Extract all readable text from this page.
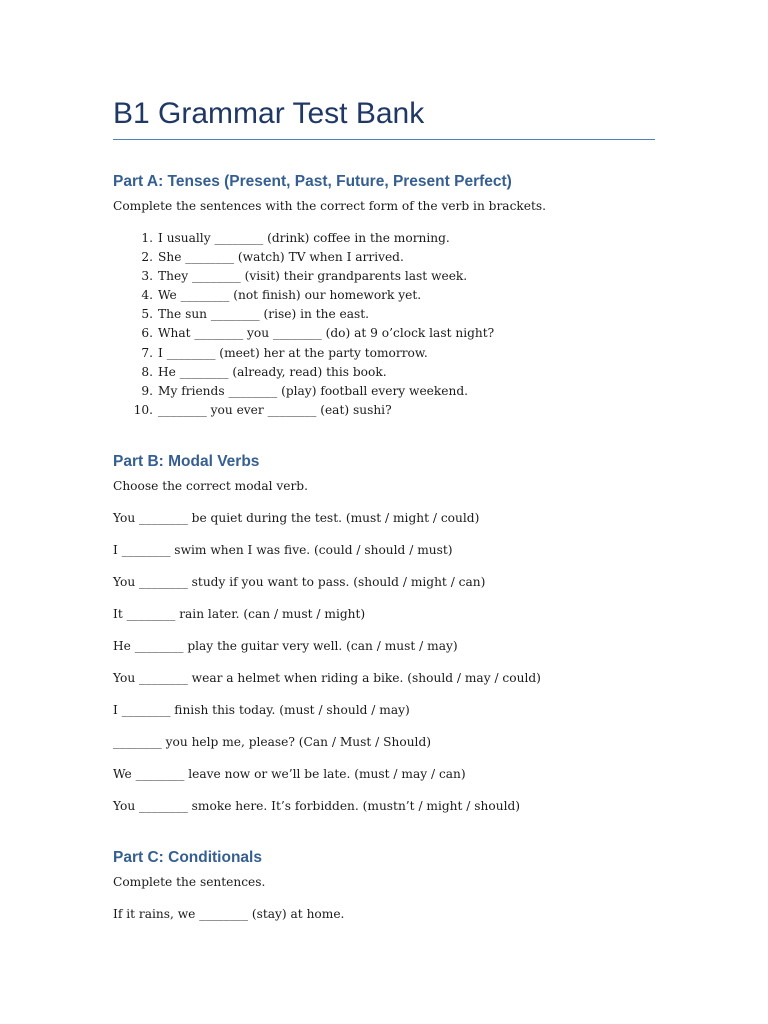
B1 Grammar Test Bank
Part A: Tenses (Present, Past, Future, Present Perfect)

Complete the sentences with the correct form of the verb in brackets.

1. I usually ________ (drink) coffee in the morning.
2. She ________ (watch) TV when I arrived.
3. They ________ (visit) their grandparents last week.
4. We ________ (not finish) our homework yet.
5. The sun ________ (rise) in the east.
6. What ________ you ________ (do) at 9 o’clock last night?
7. I ________ (meet) her at the party tomorrow.
8. He ________ (already, read) this book.
9. My friends ________ (play) football every weekend.
10. ________ you ever ________ (eat) sushi?
Part B: Modal Verbs

Choose the correct modal verb.

You ________ be quiet during the test. (must / might / could)

I ________ swim when I was five. (could / should / must)

You ________ study if you want to pass. (should / might / can)

It ________ rain later. (can / must / might)

He ________ play the guitar very well. (can / must / may)

You ________ wear a helmet when riding a bike. (should / may / could)

I ________ finish this today. (must / should / may)

________ you help me, please? (Can / Must / Should)

We ________ leave now or we’ll be late. (must / may / can)

You ________ smoke here. It’s forbidden. (mustn’t / might / should)

Part C: Conditionals

Complete the sentences.

If it rains, we ________ (stay) at home.
